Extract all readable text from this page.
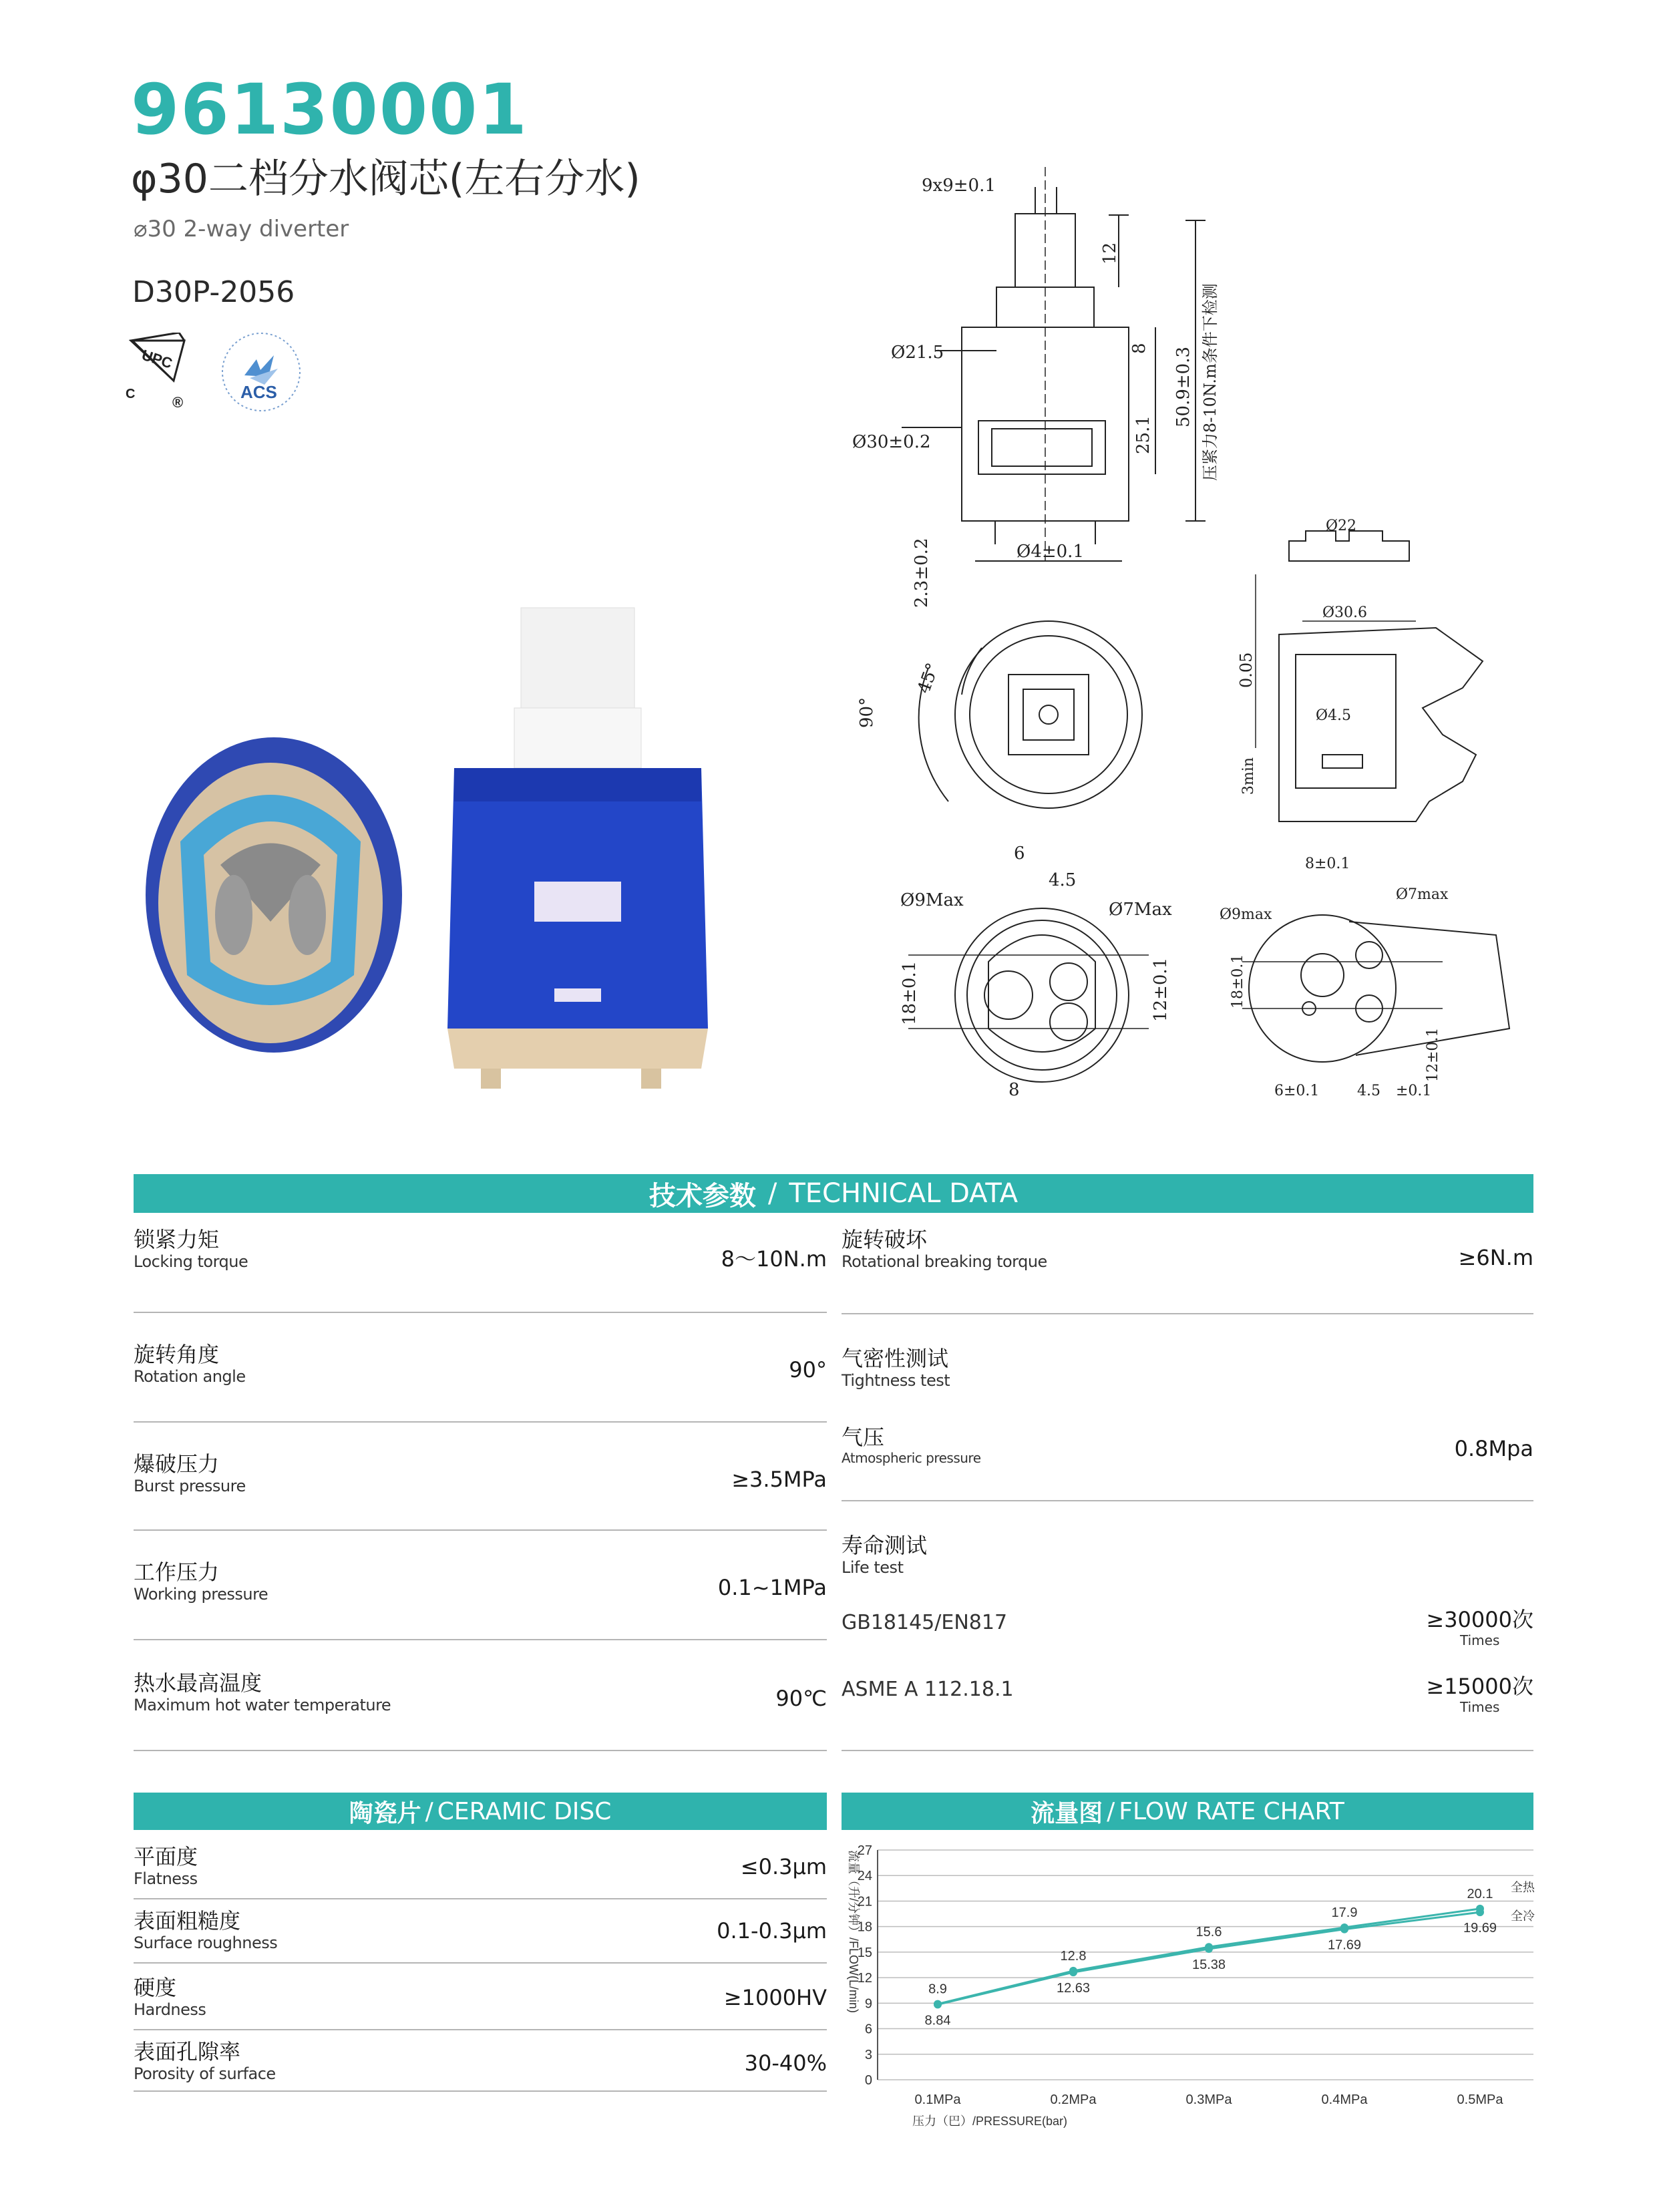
96130001
φ30二档分水阀芯(左右分水)
⌀30 2-way diverter
D30P-2056
UPC
C	®
ACS
9x9±0.1
12
Ø21.5	8 50.9±0.3 压紧力8-10N.m条件下检测
Ø30±0.2	25.1
Ø4±0.1
2.3±0.2
45°
90°
Ø22
Ø30.6
0.05
Ø4.5
3min
6
4.5
Ø9Max	Ø7Max
18±0.1	12±0.1
8
8±0.1
Ø9max
Ø7max
18±0.1
12±0.1
6±0.1	4.5 ±0.1
技术参数 / TECHNICAL DATA
锁紧力矩
Locking torque	8～10N.m
旋转角度
Rotation angle	90°
爆破压力
Burst pressure	≥3.5MPa
工作压力
Working pressure	0.1~1MPa
热水最高温度
Maximum hot water temperature	90℃
旋转破坏
Rotational breaking torque	≥6N.m
气密性测试
Tightness test
气压
Atmospheric pressure	0.8Mpa
寿命测试
Life test
GB18145/EN817	≥30000次
Times
ASME A 112.18.1	≥15000次
Times
陶瓷片 / CERAMIC DISC
平面度
Flatness	≤0.3μm
表面粗糙度
Surface roughness	0.1-0.3μm
硬度
Hardness	≥1000HV
表面孔隙率
Porosity of surface	30-40%
流量图 / FLOW RATE CHART
0
3
6
9
12
15
18
21
24
27
流量（升/分钟）/FLOW(L/min)
0.1MPa	0.2MPa	0.3MPa	0.4MPa	0.5MPa
压力（巴）/PRESSURE(bar)
8.9
12.8
15.6
17.9
20.1 全热
8.84
12.63
15.38
17.69
19.69
全冷
